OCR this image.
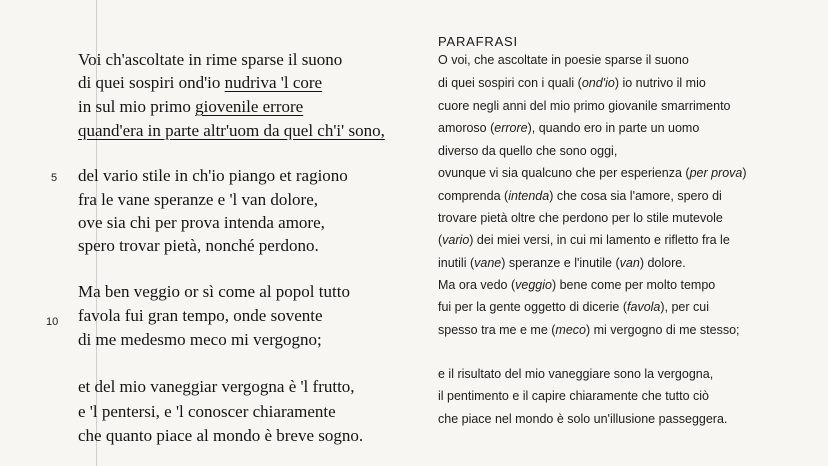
Voi ch'ascoltate in rime sparse il suono
di quei sospiri ond'io nudriva 'l core
in sul mio primo giovenile errore
quand'era in parte altr'uom da quel ch'i' sono,
5 del vario stile in ch'io piango et ragiono
fra le vane speranze e 'l van dolore,
ove sia chi per prova intenda amore,
spero trovar pietà, nonché perdono.
Ma ben veggio or sì come al popol tutto
10 favola fui gran tempo, onde sovente
di me medesmo meco mi vergogno;
et del mio vaneggiar vergogna è 'l frutto,
e 'l pentersi, e 'l conoscer chiaramente
che quanto piace al mondo è breve sogno.
PARAFRASI
O voi, che ascoltate in poesie sparse il suono
di quei sospiri con i quali (ond'io) io nutrivo il mio
cuore negli anni del mio primo giovanile smarrimento
amoroso (errore), quando ero in parte un uomo
diverso da quello che sono oggi,
ovunque vi sia qualcuno che per esperienza (per prova)
comprenda (intenda) che cosa sia l'amore, spero di
trovare pietà oltre che perdono per lo stile mutevole
(vario) dei miei versi, in cui mi lamento e rifletto fra le
inutili (vane) speranze e l'inutile (van) dolore.
Ma ora vedo (veggio) bene come per molto tempo
fui per la gente oggetto di dicerie (favola), per cui
spesso tra me e me (meco) mi vergogno di me stesso;
e il risultato del mio vaneggiare sono la vergogna,
il pentimento e il capire chiaramente che tutto ciò
che piace nel mondo è solo un'illusione passeggera.
